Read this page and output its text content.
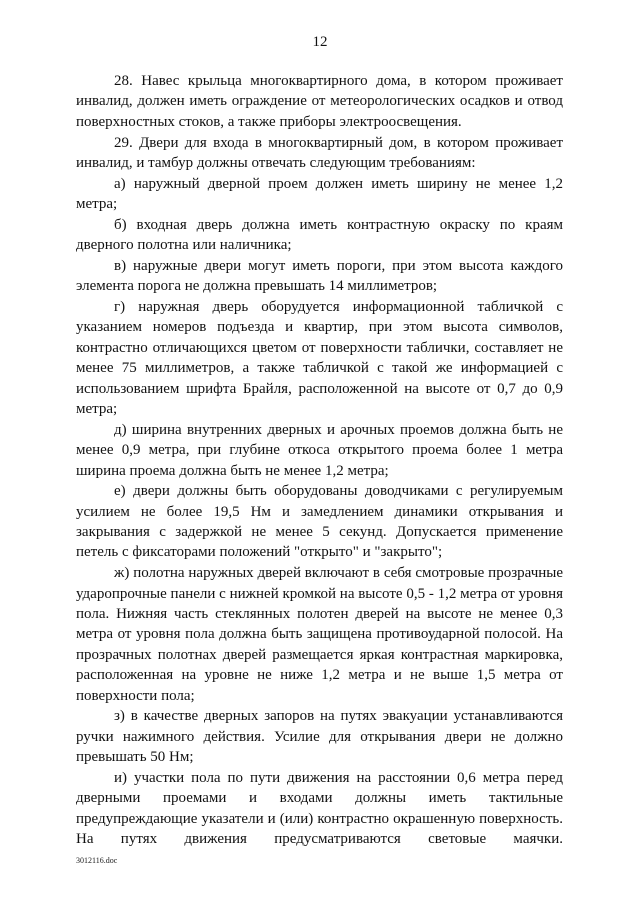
12

28. Навес крыльца многоквартирного дома, в котором проживает инвалид, должен иметь ограждение от метеорологических осадков и отвод поверхностных стоков, а также приборы электроосвещения.

29. Двери для входа в многоквартирный дом, в котором проживает инвалид, и тамбур должны отвечать следующим требованиям:

а) наружный дверной проем должен иметь ширину не менее 1,2 метра;

б) входная дверь должна иметь контрастную окраску по краям дверного полотна или наличника;

в) наружные двери могут иметь пороги, при этом высота каждого элемента порога не должна превышать 14 миллиметров;

г) наружная дверь оборудуется информационной табличкой с указанием номеров подъезда и квартир, при этом высота символов, контрастно отличающихся цветом от поверхности таблички, составляет не менее 75 миллиметров, а также табличкой с такой же информацией с использованием шрифта Брайля, расположенной на высоте от 0,7 до 0,9 метра;

д) ширина внутренних дверных и арочных проемов должна быть не менее 0,9 метра, при глубине откоса открытого проема более 1 метра ширина проема должна быть не менее 1,2 метра;

е) двери должны быть оборудованы доводчиками с регулируемым усилием не более 19,5 Нм и замедлением динамики открывания и закрывания с задержкой не менее 5 секунд. Допускается применение петель с фиксаторами положений "открыто" и "закрыто";

ж) полотна наружных дверей включают в себя смотровые прозрачные ударопрочные панели с нижней кромкой на высоте 0,5 - 1,2 метра от уровня пола. Нижняя часть стеклянных полотен дверей на высоте не менее 0,3 метра от уровня пола должна быть защищена противоударной полосой. На прозрачных полотнах дверей размещается яркая контрастная маркировка, расположенная на уровне не ниже 1,2 метра и не выше 1,5 метра от поверхности пола;

з) в качестве дверных запоров на путях эвакуации устанавливаются ручки нажимного действия. Усилие для открывания двери не должно превышать 50 Нм;

и) участки пола по пути движения на расстоянии 0,6 метра перед дверными проемами и входами должны иметь тактильные предупреждающие указатели и (или) контрастно окрашенную поверхность. На путях движения предусматриваются световые маячки.

3012116.doc
